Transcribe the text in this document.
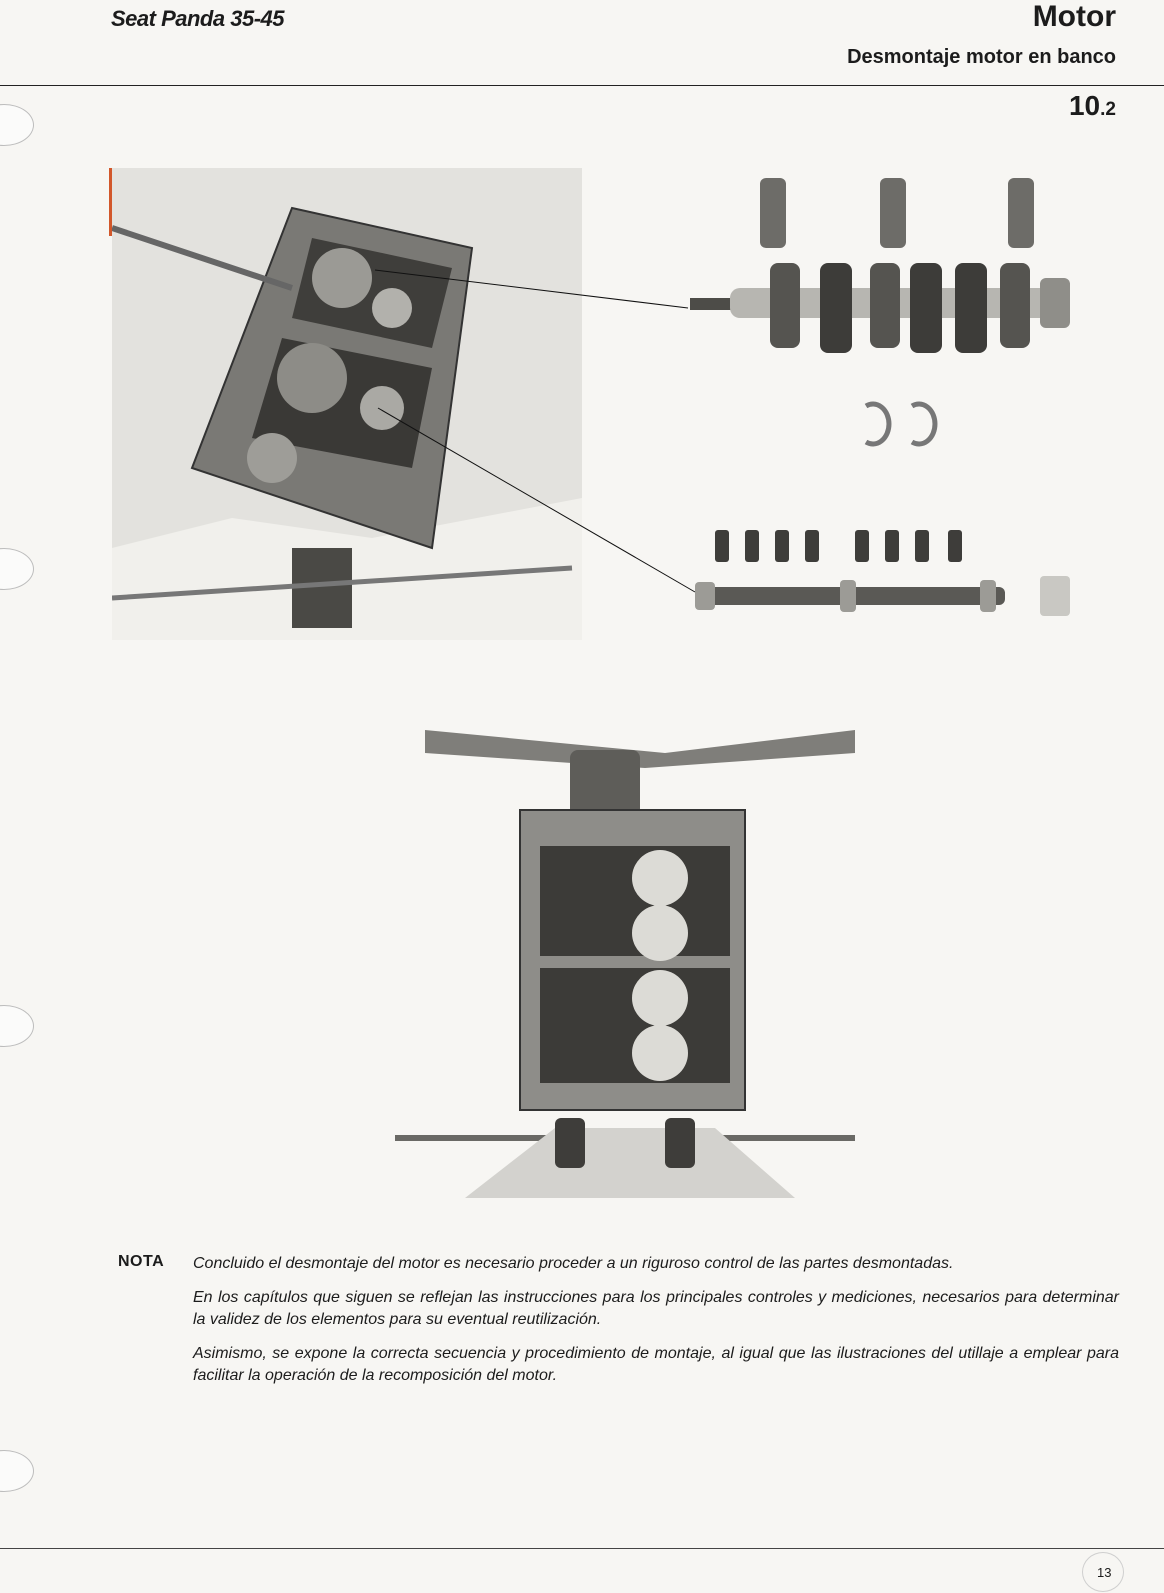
Seat Panda 35-45	Motor
Desmontaje motor en banco
10.2
NOTA Concluido el desmontaje del motor es necesario proceder a un riguroso control de las partes desmontadas.
En los capítulos que siguen se reflejan las instrucciones para los principales controles y mediciones, necesarios para determinar la validez de los elementos para su eventual reutilización.
Asimismo, se expone la correcta secuencia y procedimiento de montaje, al igual que las ilustraciones del utillaje a emplear para facilitar la operación de la recomposición del motor.
13
